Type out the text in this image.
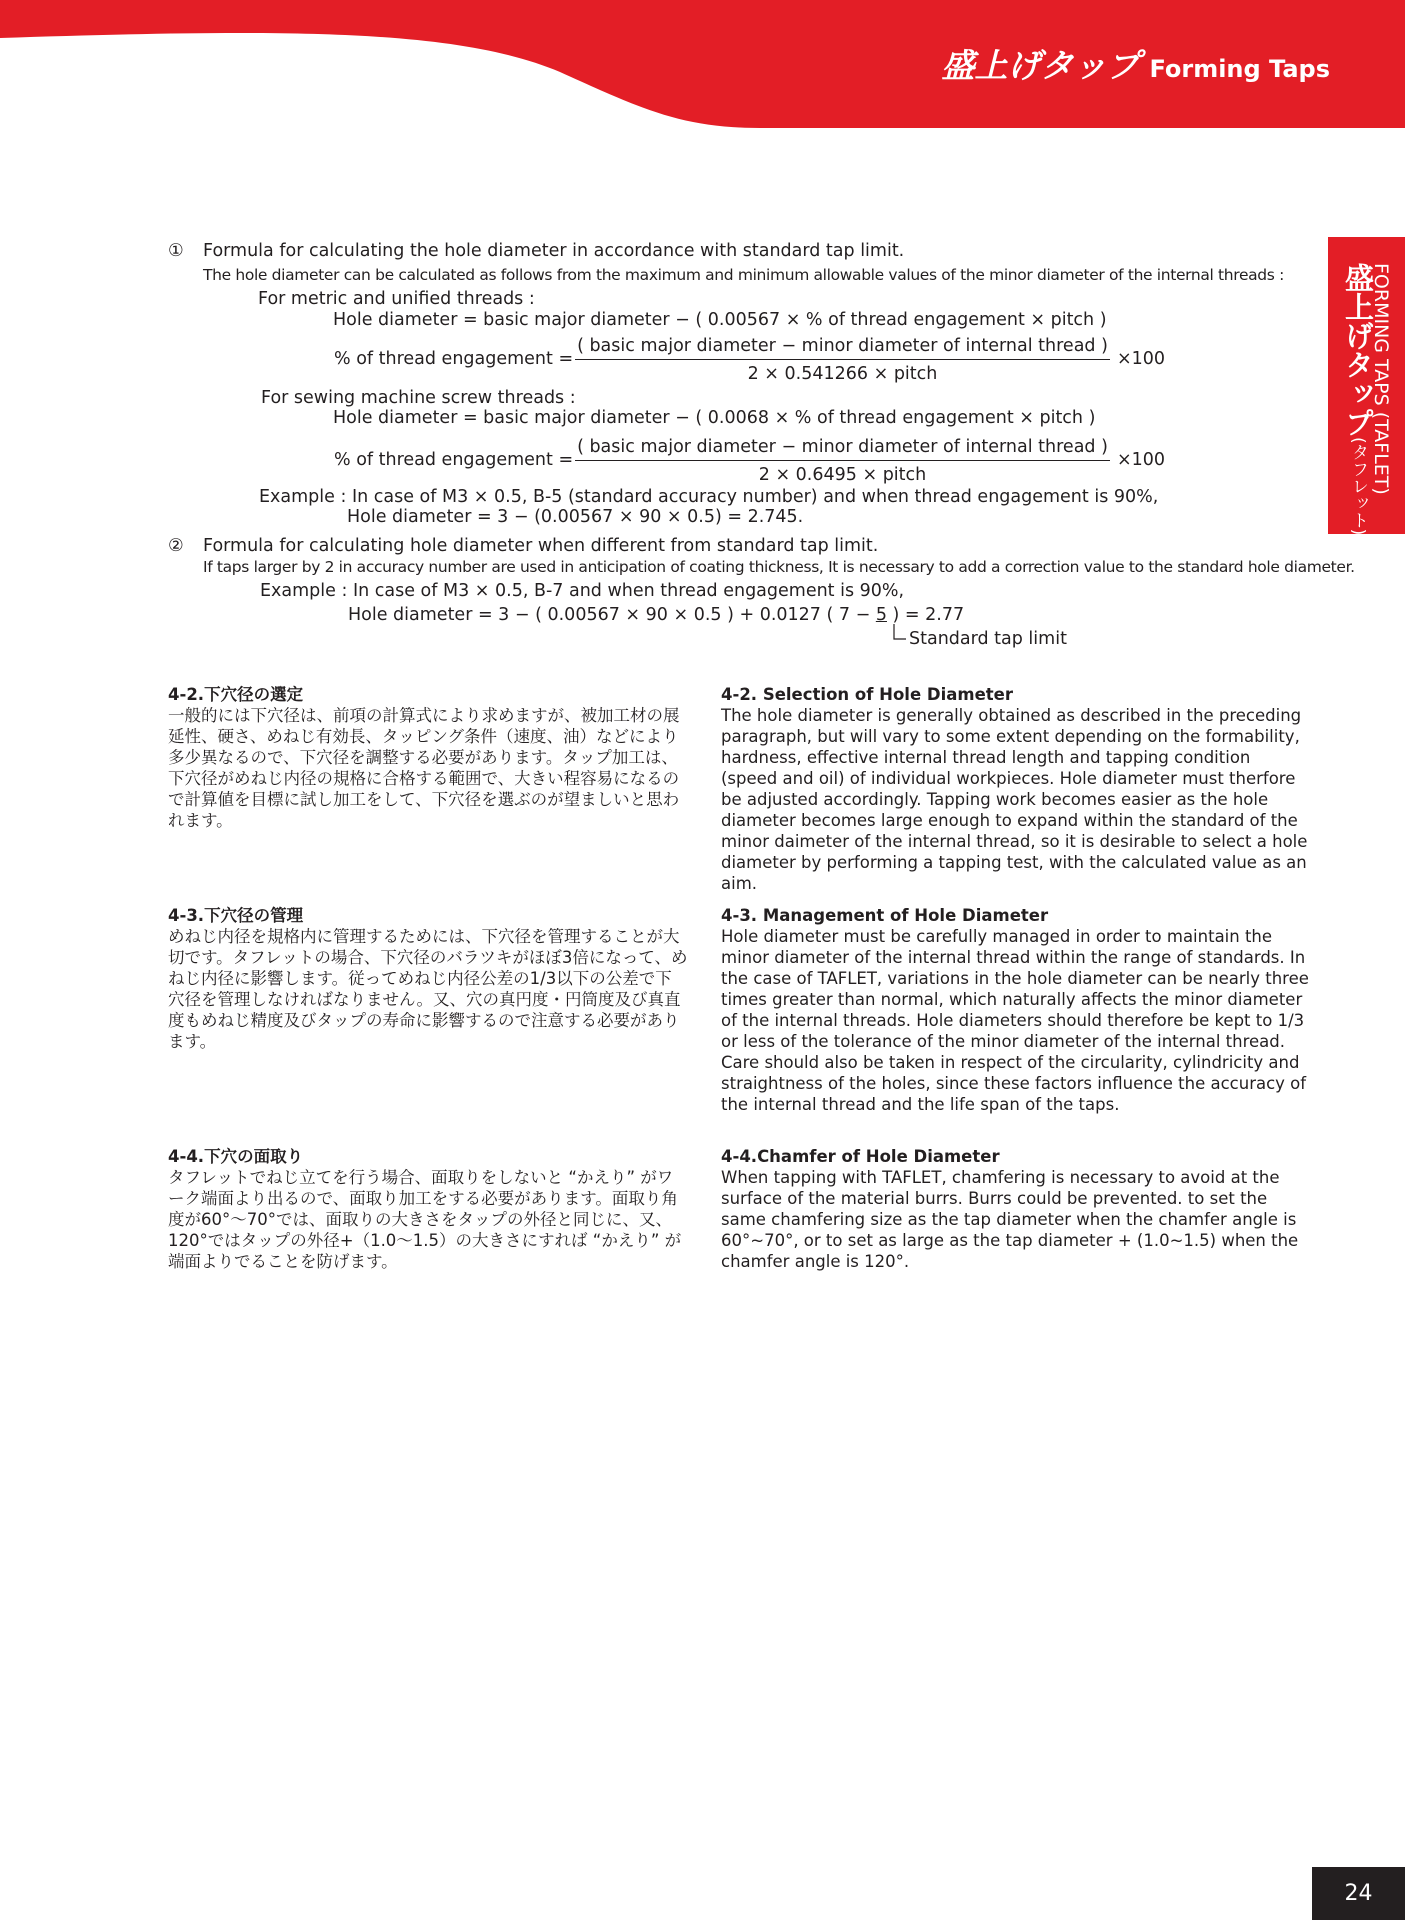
盛上げタップ Forming Taps
FORMING TAPS (TAFLET)
盛上げタップ(タフレット)
① Formula for calculating the hole diameter in accordance with standard tap limit.
The hole diameter can be calculated as follows from the maximum and minimum allowable values of the minor diameter of the internal threads :
For metric and unified threads :
Hole diameter = basic major diameter − ( 0.00567 × % of thread engagement × pitch )
% of thread engagement =
( basic major diameter − minor diameter of internal thread )
2 × 0.541266 × pitch
×100
For sewing machine screw threads :
Hole diameter = basic major diameter − ( 0.0068 × % of thread engagement × pitch )
% of thread engagement =
( basic major diameter − minor diameter of internal thread )
2 × 0.6495 × pitch
×100
Example : In case of M3 × 0.5, B-5 (standard accuracy number) and when thread engagement is 90%,
Hole diameter = 3 − (0.00567 × 90 × 0.5) = 2.745.
② Formula for calculating hole diameter when different from standard tap limit.
If taps larger by 2 in accuracy number are used in anticipation of coating thickness, It is necessary to add a correction value to the standard hole diameter.
Example : In case of M3 × 0.5, B-7 and when thread engagement is 90%,
Hole diameter = 3 − ( 0.00567 × 90 × 0.5 ) + 0.0127 ( 7 − 5 ) = 2.77
Standard tap limit
4-2.下穴径の選定
一般的には下穴径は、前項の計算式により求めますが、被加工材の展延性、硬さ、めねじ有効長、タッピング条件（速度、油）などにより多少異なるので、下穴径を調整する必要があります。タップ加工は、下穴径がめねじ内径の規格に合格する範囲で、大きい程容易になるので計算値を目標に試し加工をして、下穴径を選ぶのが望ましいと思われます。
4-2. Selection of Hole Diameter
The hole diameter is generally obtained as described in the preceding paragraph, but will vary to some extent depending on the formability, hardness, effective internal thread length and tapping condition (speed and oil) of individual workpieces. Hole diameter must therfore be adjusted accordingly. Tapping work becomes easier as the hole diameter becomes large enough to expand within the standard of the minor daimeter of the internal thread, so it is desirable to select a hole diameter by performing a tapping test, with the calculated value as an aim.
4-3.下穴径の管理
めねじ内径を規格内に管理するためには、下穴径を管理することが大切です。タフレットの場合、下穴径のバラツキがほぼ3倍になって、めねじ内径に影響します。従ってめねじ内径公差の1/3以下の公差で下穴径を管理しなければなりません。又、穴の真円度・円筒度及び真直度もめねじ精度及びタップの寿命に影響するので注意する必要があります。
4-3. Management of Hole Diameter
Hole diameter must be carefully managed in order to maintain the minor diameter of the internal thread within the range of standards. In the case of TAFLET, variations in the hole diameter can be nearly three times greater than normal, which naturally affects the minor diameter of the internal threads. Hole diameters should therefore be kept to 1/3 or less of the tolerance of the minor diameter of the internal thread. Care should also be taken in respect of the circularity, cylindricity and straightness of the holes, since these factors influence the accuracy of the internal thread and the life span of the taps.
4-4.下穴の面取り
タフレットでねじ立てを行う場合、面取りをしないと “かえり” がワーク端面より出るので、面取り加工をする必要があります。面取り角度が60°～70°では、面取りの大きさをタップの外径と同じに、又、120°ではタップの外径+（1.0～1.5）の大きさにすれば “かえり” が端面よりでることを防げます。
4-4.Chamfer of Hole Diameter
When tapping with TAFLET, chamfering is necessary to avoid at the surface of the material burrs. Burrs could be prevented. to set the same chamfering size as the tap diameter when the chamfer angle is 60°~70°, or to set as large as the tap diameter + (1.0~1.5) when the chamfer angle is 120°.
24
